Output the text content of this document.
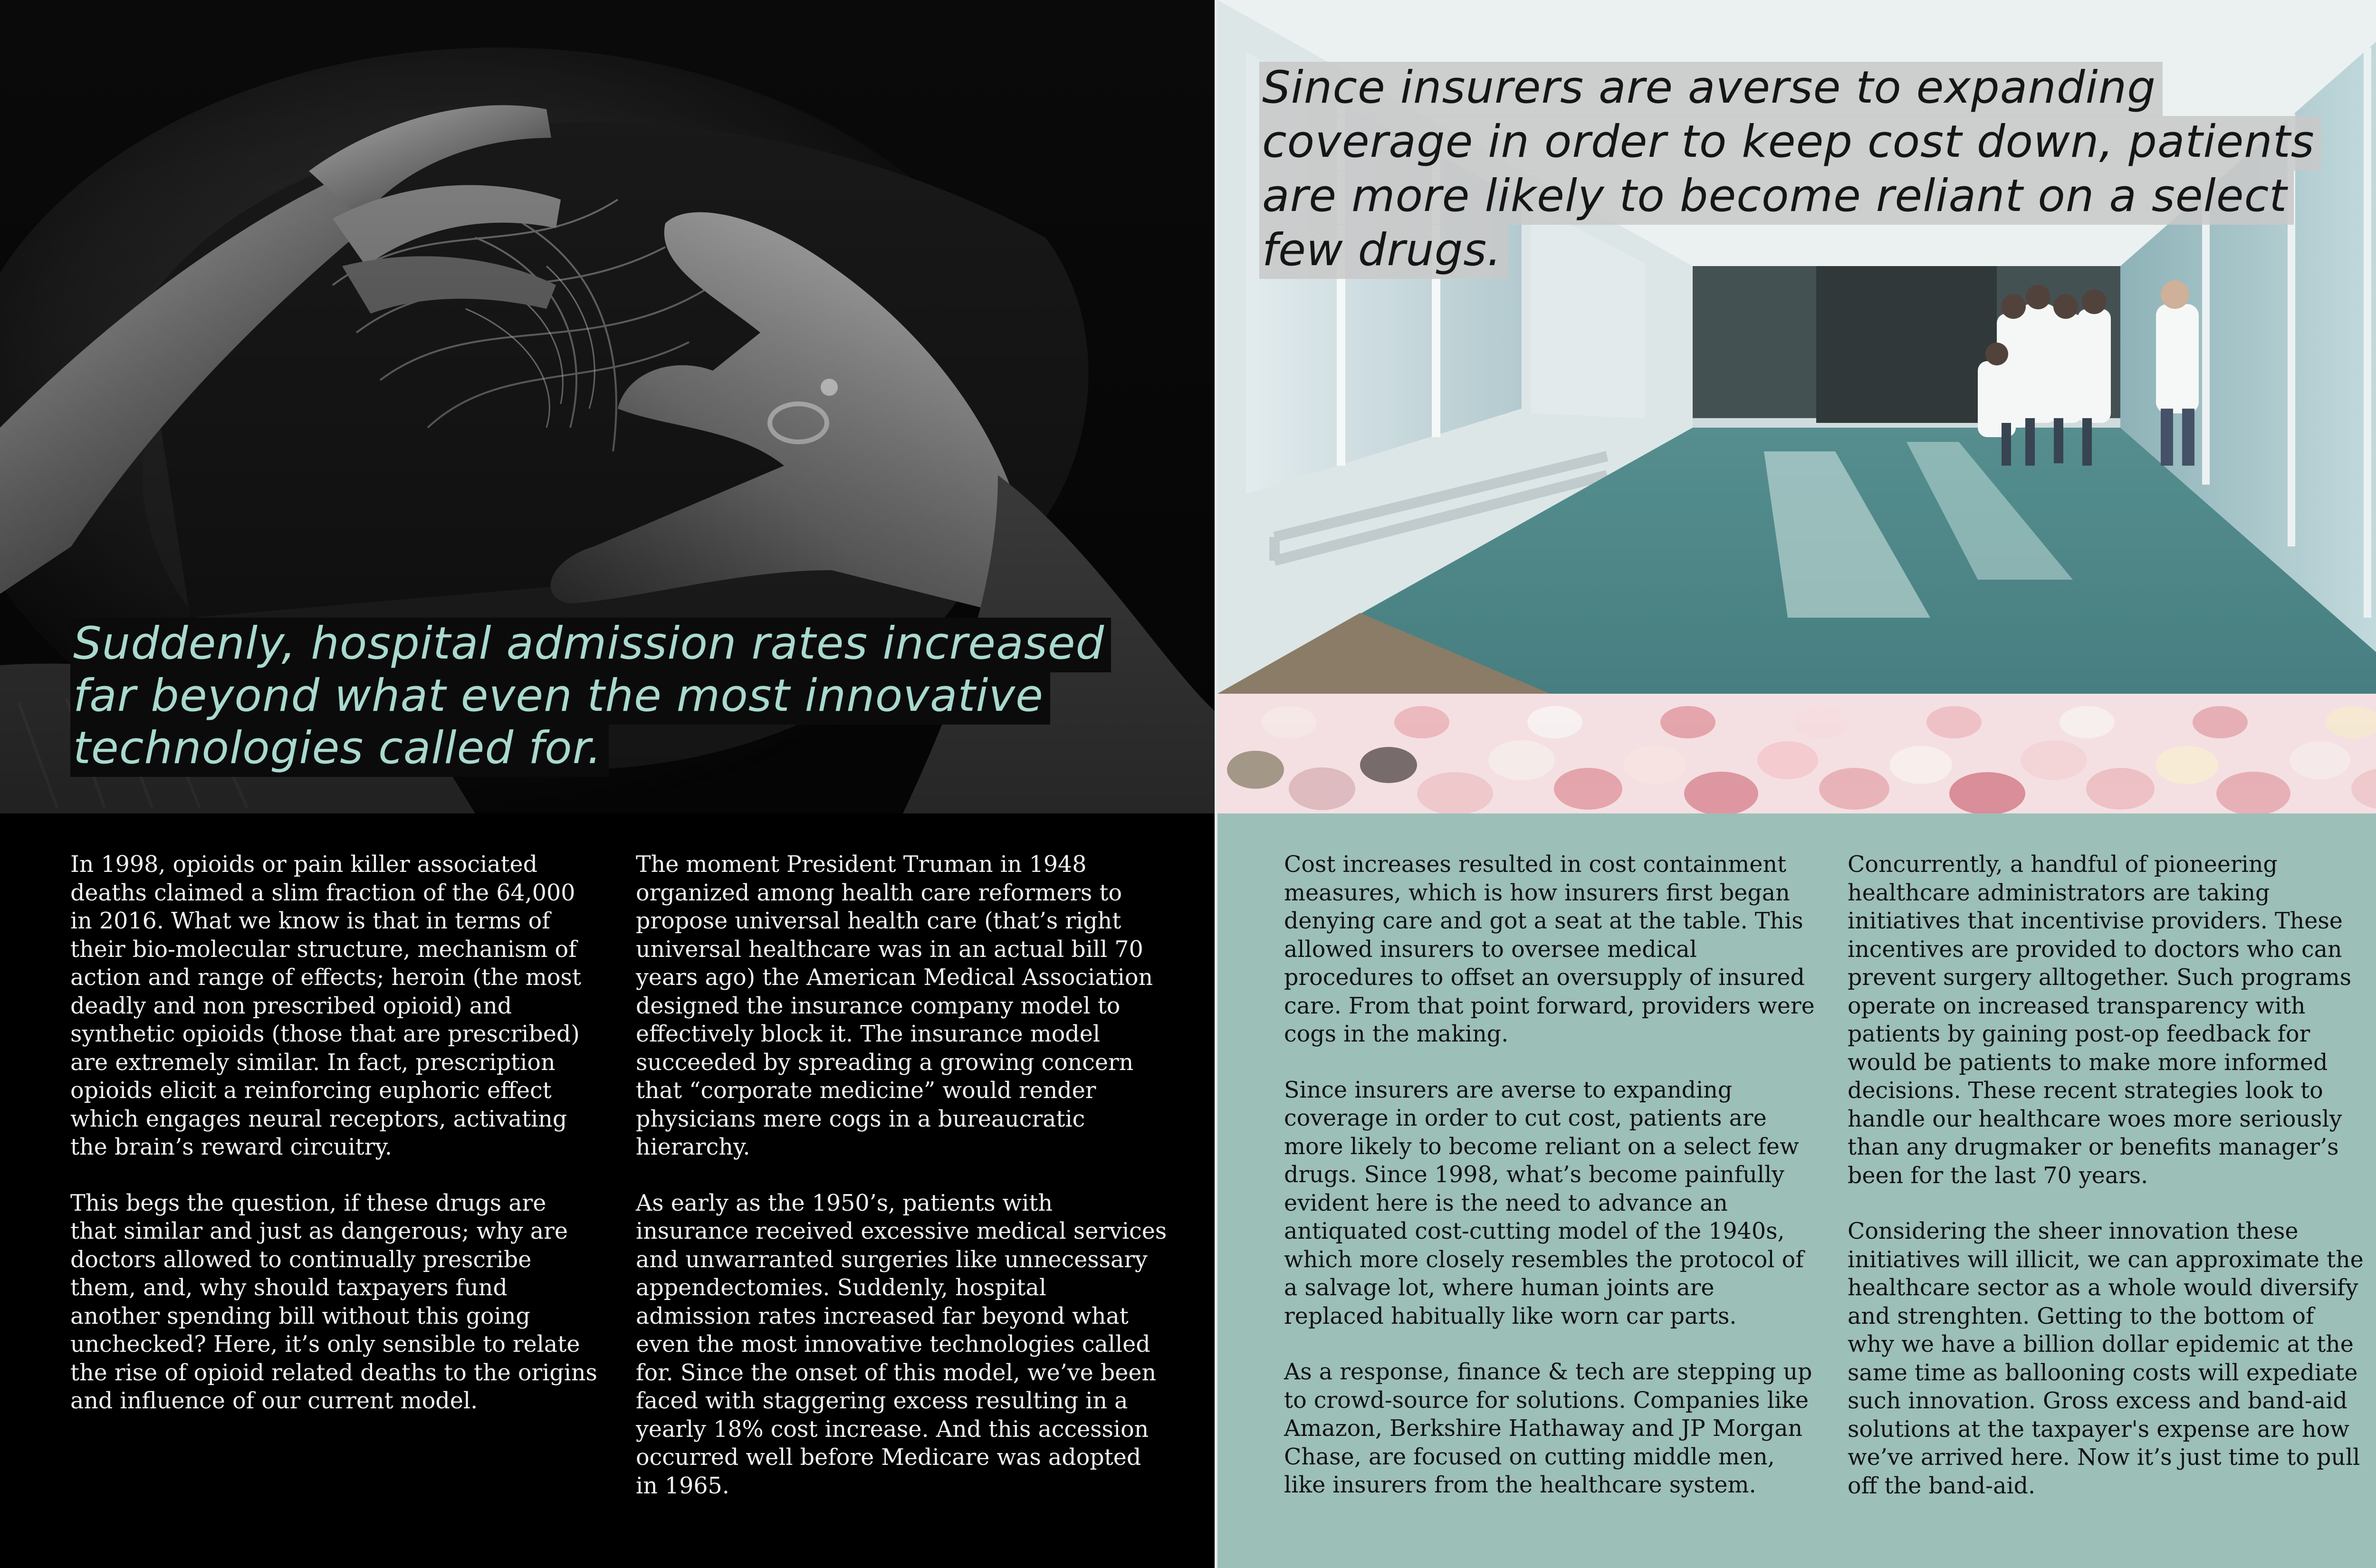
Suddenly, hospital admission rates increased far beyond what even the most innovative technologies called for.

In 1998, opioids or pain killer associated deaths claimed a slim fraction of the 64,000 in 2016. What we know is that in terms of their bio-molecular structure, mechanism of action and range of effects; heroin (the most deadly and non prescribed opioid) and synthetic opioids (those that are prescribed) are extremely similar. In fact, prescription opioids elicit a reinforcing euphoric effect which engages neural receptors, activating the brain’s reward circuitry.

This begs the question, if these drugs are that similar and just as dangerous; why are doctors allowed to continually prescribe them, and, why should taxpayers fund another spending bill without this going unchecked? Here, it’s only sensible to relate the rise of opioid related deaths to the origins and influence of our current model.

The moment President Truman in 1948 organized among health care reformers to propose universal health care (that’s right universal healthcare was in an actual bill 70 years ago) the American Medical Association designed the insurance company model to effectively block it. The insurance model succeeded by spreading a growing concern that “corporate medicine” would render physicians mere cogs in a bureaucratic hierarchy.

As early as the 1950’s, patients with insurance received excessive medical services and unwarranted surgeries like unnecessary appendectomies. Suddenly, hospital admission rates increased far beyond what even the most innovative technologies called for. Since the onset of this model, we’ve been faced with staggering excess resulting in a yearly 18% cost increase. And this accession occurred well before Medicare was adopted in 1965.

Cost increases resulted in cost containment measures, which is how insurers first began denying care and got a seat at the table. This allowed insurers to oversee medical procedures to offset an oversupply of insured care. From that point forward, providers were cogs in the making.

Since insurers are averse to expanding coverage in order to cut cost, patients are more likely to become reliant on a select few drugs. Since 1998, what’s become painfully evident here is the need to advance an antiquated cost-cutting model of the 1940s, which more closely resembles the protocol of a salvage lot, where human joints are replaced habitually like worn car parts.

As a response, finance & tech are stepping up to crowd-source for solutions. Companies like Amazon, Berkshire Hathaway and JP Morgan Chase, are focused on cutting middle men, like insurers from the healthcare system.

Concurrently, a handful of pioneering healthcare administrators are taking initiatives that incentivise providers. These incentives are provided to doctors who can prevent surgery alltogether. Such programs operate on increased transparency with patients by gaining post-op feedback for would be patients to make more informed decisions. These recent strategies look to handle our healthcare woes more seriously than any drugmaker or benefits manager’s been for the last 70 years.

Considering the sheer innovation these initiatives will illicit, we can approximate the healthcare sector as a whole would diversify and strenghten. Getting to the bottom of why we have a billion dollar epidemic at the same time as ballooning costs will expediate such innovation. Gross excess and band-aid solutions at the taxpayer's expense are how we’ve arrived here. Now it’s just time to pull off the band-aid.

Since insurers are averse to expanding coverage in order to keep cost down, patients are more likely to become reliant on a select few drugs.
